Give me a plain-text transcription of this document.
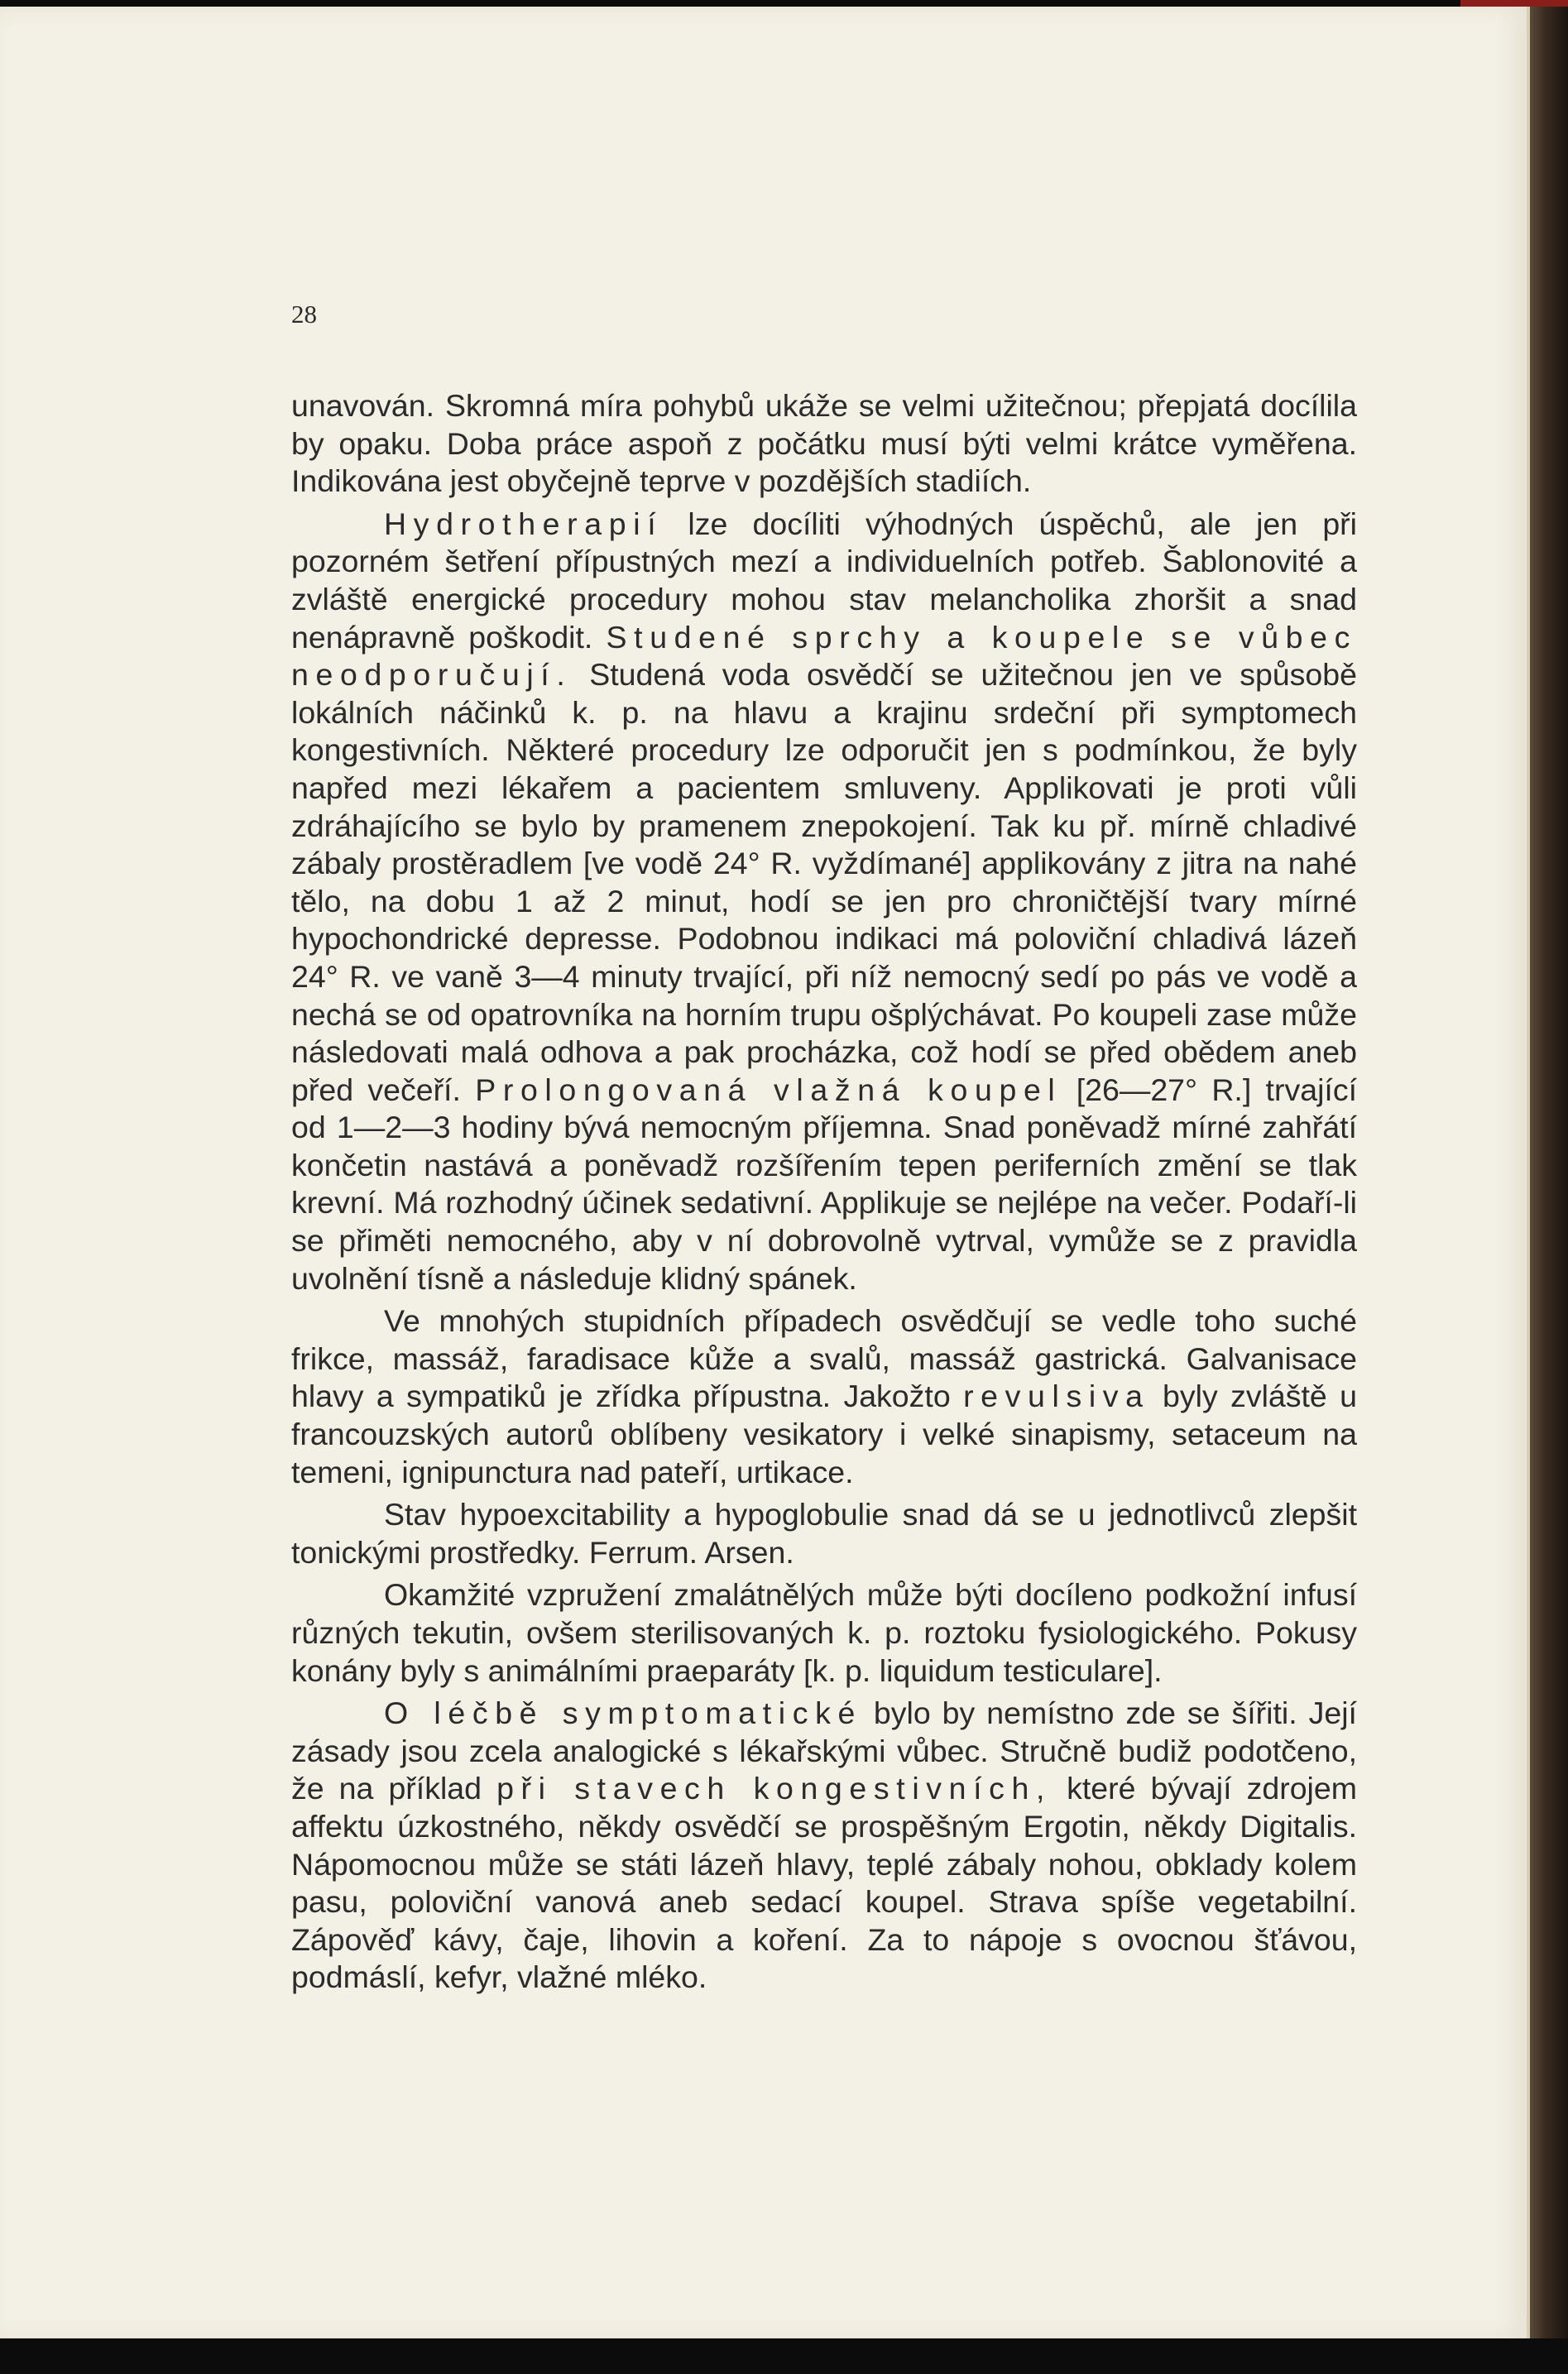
28

unavován. Skromná míra pohybů ukáže se velmi užitečnou; přepjatá docílila by opaku. Doba práce aspoň z počátku musí býti velmi krátce vyměřena. Indikována jest obyčejně teprve v pozdějších stadiích.

Hydrotherapií lze docíliti výhodných úspěchů, ale jen při pozorném šetření přípustných mezí a individuelních potřeb. Šablonovité a zvláště energické procedury mohou stav melancholika zhoršit a snad nenápravně poškodit. Studené sprchy a koupele se vůbec neodporučují. Studená voda osvědčí se užitečnou jen ve spůsobě lokálních náčinků k. p. na hlavu a krajinu srdeční při symptomech kongestivních. Některé procedury lze odporučit jen s podmínkou, že byly napřed mezi lékařem a pacientem smluveny. Applikovati je proti vůli zdráhajícího se bylo by pramenem znepokojení. Tak ku př. mírně chladivé zábaly prostěradlem [ve vodě 24° R. vyždímané] applikovány z jitra na nahé tělo, na dobu 1 až 2 minut, hodí se jen pro chroničtější tvary mírné hypochondrické depresse. Podobnou indikaci má poloviční chladivá lázeň 24° R. ve vaně 3—4 minuty trvající, při níž nemocný sedí po pás ve vodě a nechá se od opatrovníka na horním trupu ošplýchávat. Po koupeli zase může následovati malá odhova a pak procházka, což hodí se před obědem aneb před večeří. Prolongovaná vlažná koupel [26—27° R.] trvající od 1—2—3 hodiny bývá nemocným příjemna. Snad poněvadž mírné zahřátí končetin nastává a poněvadž rozšířením tepen periferních změní se tlak krevní. Má rozhodný účinek sedativní. Applikuje se nejlépe na večer. Podaří-li se přiměti nemocného, aby v ní dobrovolně vytrval, vymůže se z pravidla uvolnění tísně a následuje klidný spánek.

Ve mnohých stupidních případech osvědčují se vedle toho suché frikce, massáž, faradisace kůže a svalů, massáž gastrická. Galvanisace hlavy a sympatiků je zřídka přípustna. Jakožto revulsiva byly zvláště u francouzských autorů oblíbeny vesikatory i velké sinapismy, setaceum na temeni, ignipunctura nad pateří, urtikace.

Stav hypoexcitability a hypoglobulie snad dá se u jednotlivců zlepšit tonickými prostředky. Ferrum. Arsen.

Okamžité vzpružení zmalátnělých může býti docíleno podkožní infusí různých tekutin, ovšem sterilisovaných k. p. roztoku fysiologického. Pokusy konány byly s animálními praeparáty [k. p. liquidum testiculare].

O léčbě symptomatické bylo by nemístno zde se šířiti. Její zásady jsou zcela analogické s lékařskými vůbec. Stručně budiž podotčeno, že na příklad při stavech kongestivních, které bývají zdrojem affektu úzkostného, někdy osvědčí se prospěšným Ergotin, někdy Digitalis. Nápomocnou může se státi lázeň hlavy, teplé zábaly nohou, obklady kolem pasu, poloviční vanová aneb sedací koupel. Strava spíše vegetabilní. Zápověď kávy, čaje, lihovin a koření. Za to nápoje s ovocnou šťávou, podmáslí, kefyr, vlažné mléko.
